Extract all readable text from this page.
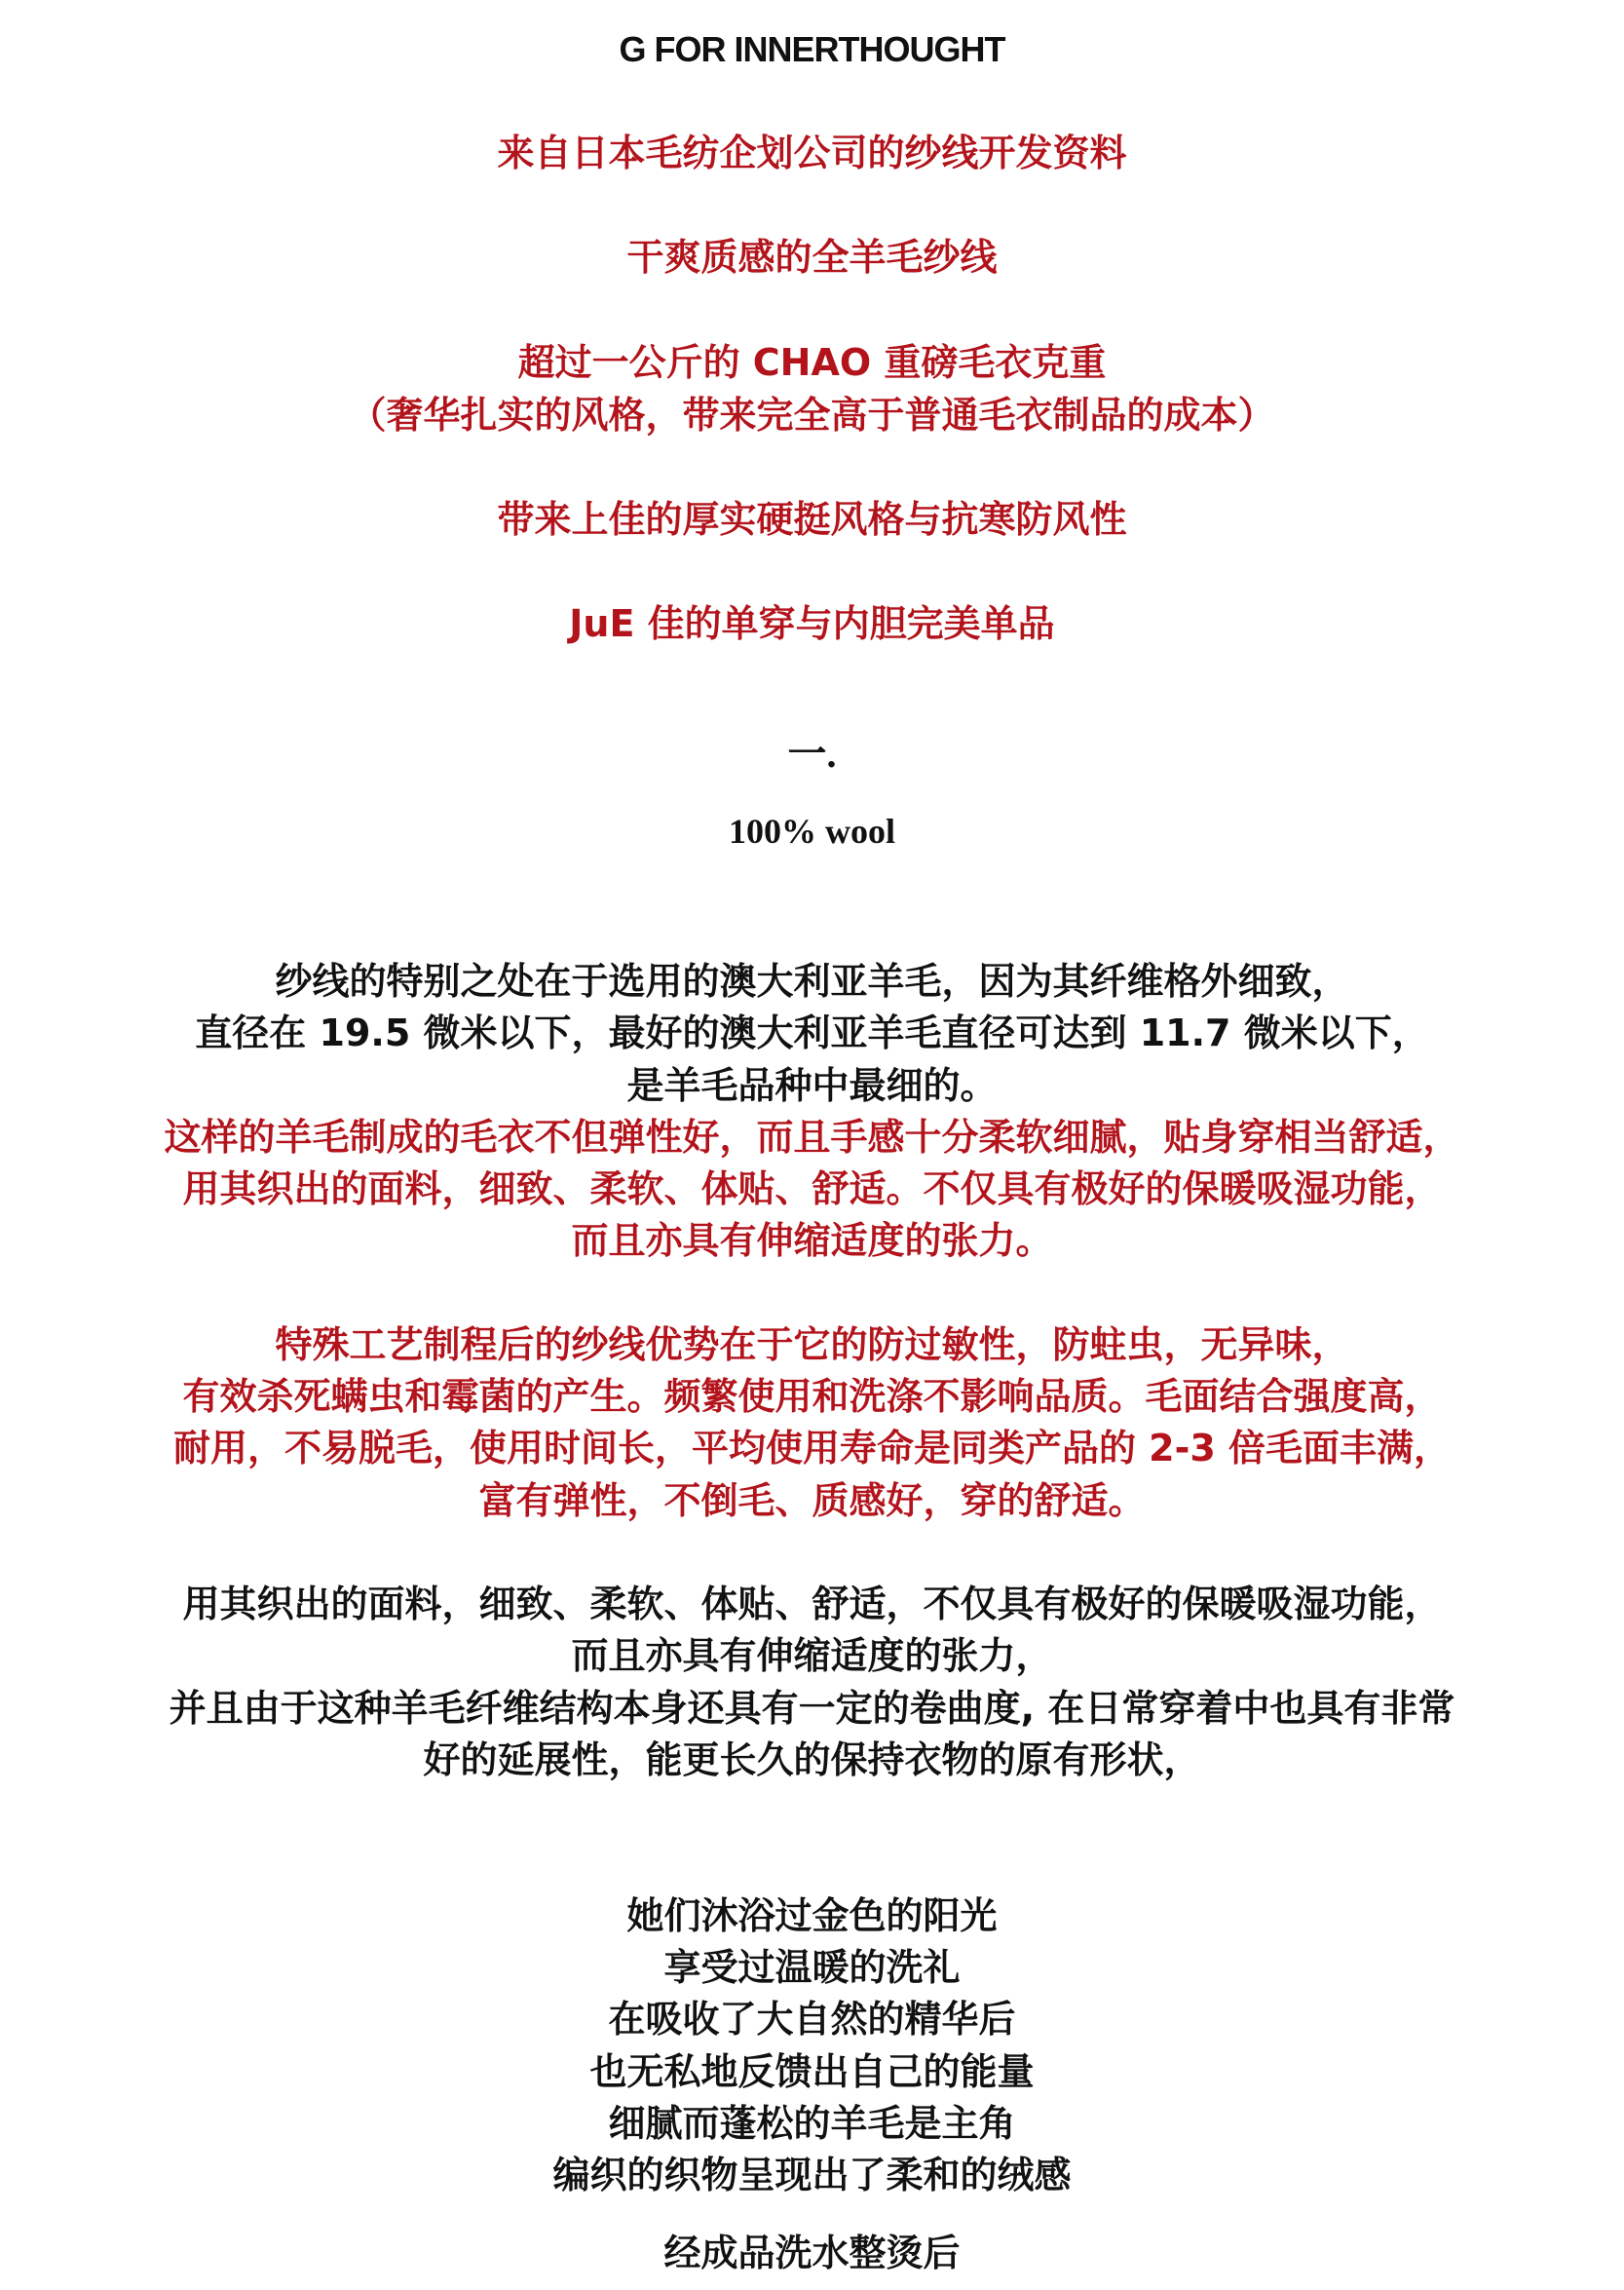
G FOR INNERTHOUGHT

来自日本毛纺企划公司的纱线开发资料

干爽质感的全羊毛纱线

超过一公斤的 CHAO 重磅毛衣克重

（奢华扎实的风格，带来完全高于普通毛衣制品的成本）

带来上佳的厚实硬挺风格与抗寒防风性

JuE 佳的单穿与内胆完美单品

一.

100% wool

纱线的特别之处在于选用的澳大利亚羊毛，因为其纤维格外细致，

直径在 19.5 微米以下，最好的澳大利亚羊毛直径可达到 11.7 微米以下，

是羊毛品种中最细的。

这样的羊毛制成的毛衣不但弹性好，而且手感十分柔软细腻，贴身穿相当舒适，

用其织出的面料，细致、柔软、体贴、舒适。不仅具有极好的保暖吸湿功能，

而且亦具有伸缩适度的张力。

特殊工艺制程后的纱线优势在于它的防过敏性，防蛀虫，无异味，

有效杀死螨虫和霉菌的产生。频繁使用和洗涤不影响品质。毛面结合强度高，

耐用，不易脱毛，使用时间长，平均使用寿命是同类产品的 2-3 倍毛面丰满，

富有弹性，不倒毛、质感好，穿的舒适。

用其织出的面料，细致、柔软、体贴、舒适，不仅具有极好的保暖吸湿功能，

而且亦具有伸缩适度的张力，

并且由于这种羊毛纤维结构本身还具有一定的卷曲度, 在日常穿着中也具有非常

好的延展性，能更长久的保持衣物的原有形状，

她们沐浴过金色的阳光

享受过温暖的洗礼

在吸收了大自然的精华后

也无私地反馈出自己的能量

细腻而蓬松的羊毛是主角

编织的织物呈现出了柔和的绒感

经成品洗水整烫后
